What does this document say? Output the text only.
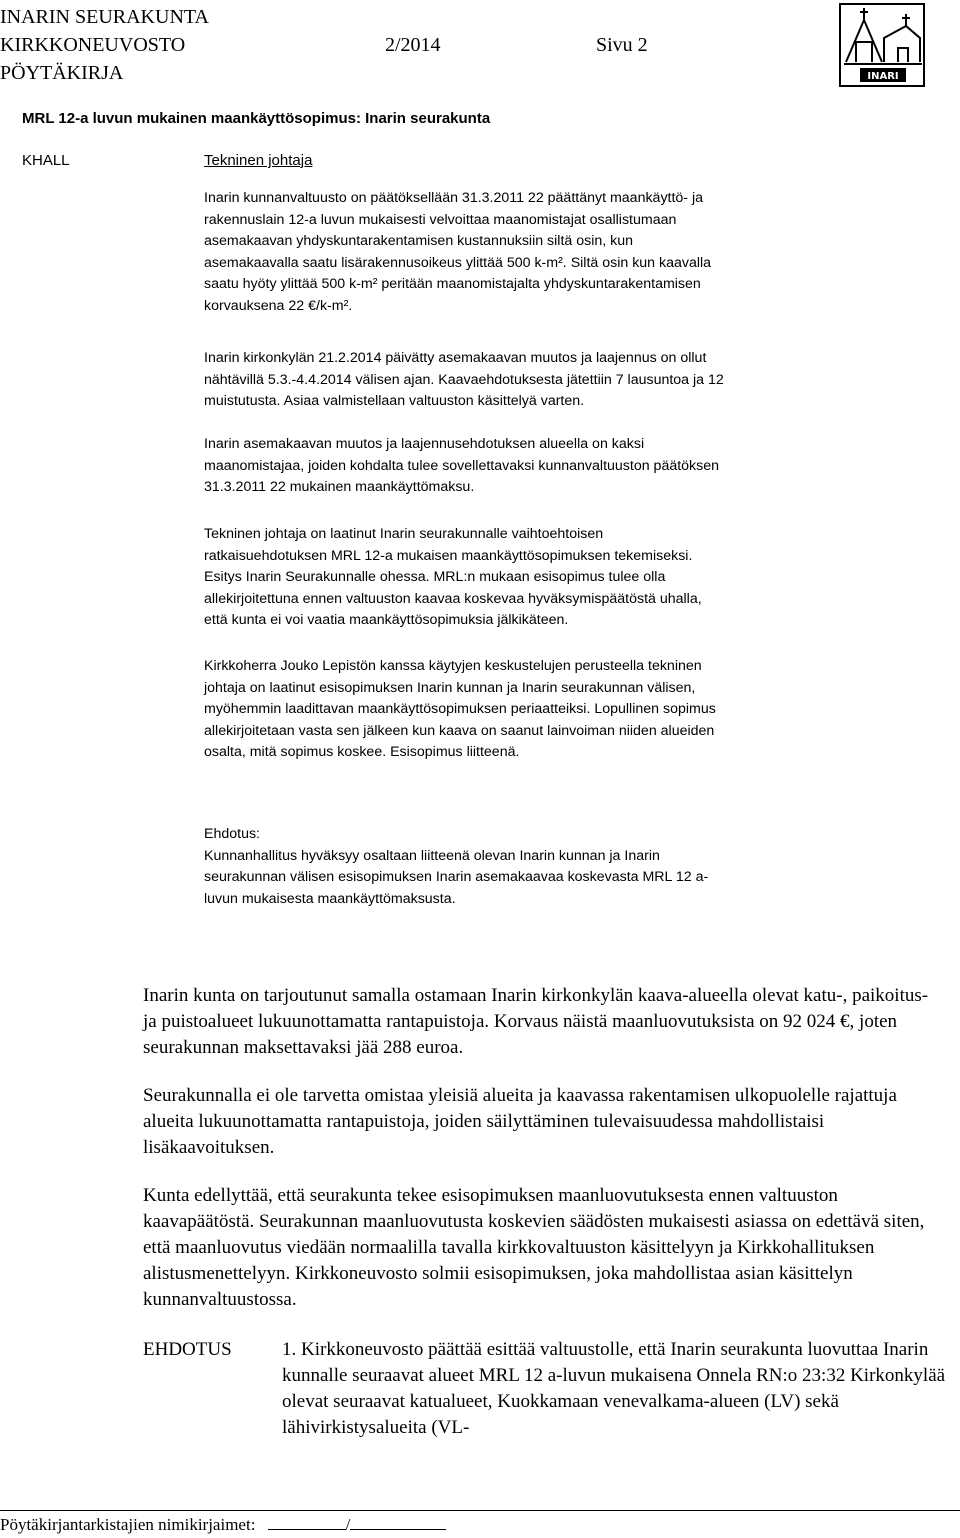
INARIN SEURAKUNTA
KIRKKONEUVOSTO	2/2014	Sivu 2
PÖYTÄKIRJA	INARI
MRL 12-a luvun mukainen maankäyttösopimus: Inarin seurakunta
KHALL	Tekninen johtaja

Inarin kunnanvaltuusto on päätöksellään 31.3.2011 22 päättänyt maankäyttö- ja rakennuslain 12-a luvun mukaisesti velvoittaa maanomistajat osallistumaan asemakaavan yhdyskuntarakentamisen kustannuksiin siltä osin, kun asemakaavalla saatu lisärakennusoikeus ylittää 500 k-m². Siltä osin kun kaavalla saatu hyöty ylittää 500 k-m² peritään maanomistajalta yhdyskuntarakentamisen korvauksena 22 €/k-m².

Inarin kirkonkylän 21.2.2014 päivätty asemakaavan muutos ja laajennus on ollut nähtävillä 5.3.-4.4.2014 välisen ajan. Kaavaehdotuksesta jätettiin 7 lausuntoa ja 12 muistutusta. Asiaa valmistellaan valtuuston käsittelyä varten.

Inarin asemakaavan muutos ja laajennusehdotuksen alueella on kaksi maanomistajaa, joiden kohdalta tulee sovellettavaksi kunnanvaltuuston päätöksen 31.3.2011 22 mukainen maankäyttömaksu.

Tekninen johtaja on laatinut Inarin seurakunnalle vaihtoehtoisen ratkaisuehdotuksen MRL 12-a mukaisen maankäyttösopimuksen tekemiseksi. Esitys Inarin Seurakunnalle ohessa. MRL:n mukaan esisopimus tulee olla allekirjoitettuna ennen valtuuston kaavaa koskevaa hyväksymispäätöstä uhalla, että kunta ei voi vaatia maankäyttösopimuksia jälkikäteen.

Kirkkoherra Jouko Lepistön kanssa käytyjen keskustelujen perusteella tekninen johtaja on laatinut esisopimuksen Inarin kunnan ja Inarin seurakunnan välisen, myöhemmin laadittavan maankäyttösopimuksen periaatteiksi. Lopullinen sopimus allekirjoitetaan vasta sen jälkeen kun kaava on saanut lainvoiman niiden alueiden osalta, mitä sopimus koskee. Esisopimus liitteenä.

Ehdotus:

Kunnanhallitus hyväksyy osaltaan liitteenä olevan Inarin kunnan ja Inarin seurakunnan välisen esisopimuksen Inarin asemakaavaa koskevasta MRL 12 a-luvun mukaisesta maankäyttömaksusta.

Inarin kunta on tarjoutunut samalla ostamaan Inarin kirkonkylän kaava-alueella olevat katu-, paikoitus- ja puistoalueet lukuunottamatta rantapuistoja. Korvaus näistä maanluovutuksista on 92 024 €, joten seurakunnan maksettavaksi jää 288 euroa.

Seurakunnalla ei ole tarvetta omistaa yleisiä alueita ja kaavassa rakentamisen ulkopuolelle rajattuja alueita lukuunottamatta rantapuistoja, joiden säilyttäminen tulevaisuudessa mahdollistaisi lisäkaavoituksen.

Kunta edellyttää, että seurakunta tekee esisopimuksen maanluovutuksesta ennen valtuuston kaavapäätöstä. Seurakunnan maanluovutusta koskevien säädösten mukaisesti asiassa on edettävä siten, että maanluovutus viedään normaalilla tavalla kirkkovaltuuston käsittelyyn ja Kirkkohallituksen alistusmenettelyyn. Kirkkoneuvosto solmii esisopimuksen, joka mahdollistaa asian käsittelyn kunnanvaltuustossa.

EHDOTUS	1. Kirkkoneuvosto päättää esittää valtuustolle, että Inarin seurakunta luovuttaa Inarin kunnalle seuraavat alueet MRL 12 a-luvun mukaisena Onnela RN:o 23:32 Kirkonkylää olevat seuraavat katualueet, Kuokkamaan venevalkama-alueen (LV) sekä lähivirkistysalueita (VL-
Pöytäkirjantarkistajien nimikirjaimet:	/
